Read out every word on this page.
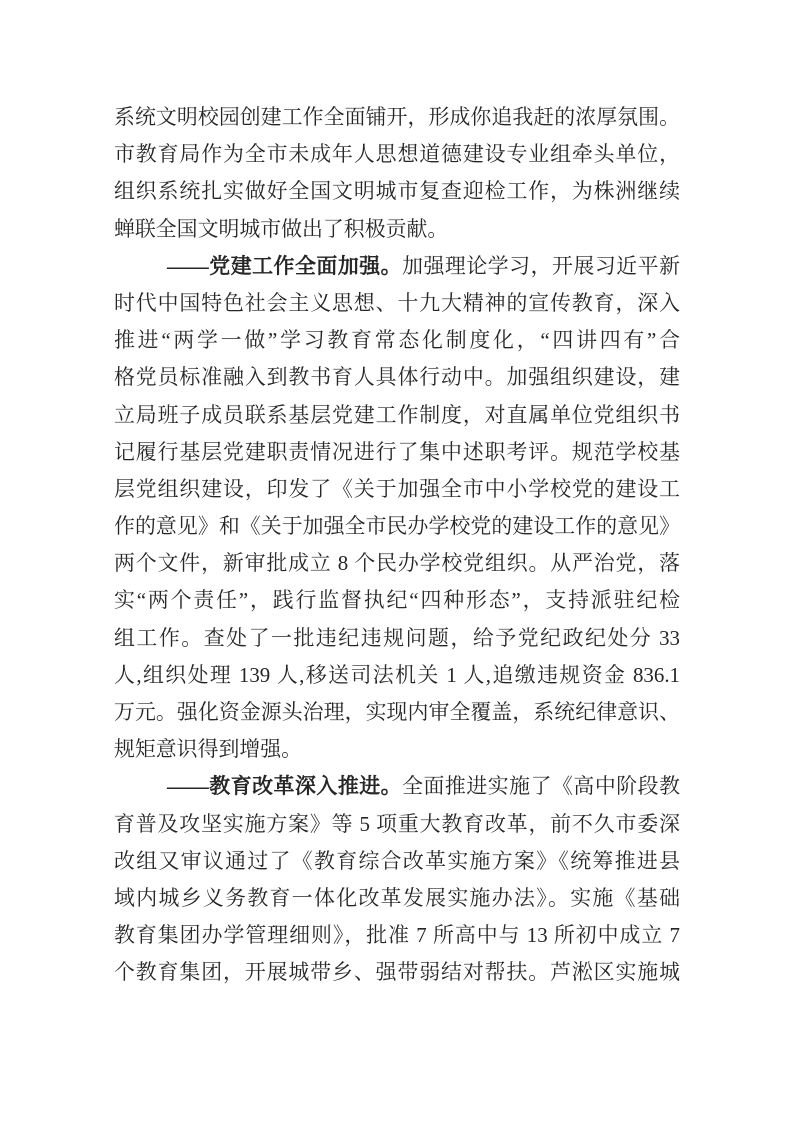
系统文明校园创建工作全面铺开，形成你追我赶的浓厚氛围。
市教育局作为全市未成年人思想道德建设专业组牵头单位，
组织系统扎实做好全国文明城市复查迎检工作，为株洲继续
蝉联全国文明城市做出了积极贡献。
——党建工作全面加强。加强理论学习，开展习近平新
时代中国特色社会主义思想、十九大精神的宣传教育，深入
推进“两学一做”学习教育常态化制度化，“四讲四有”合
格党员标准融入到教书育人具体行动中。加强组织建设，建
立局班子成员联系基层党建工作制度，对直属单位党组织书
记履行基层党建职责情况进行了集中述职考评。规范学校基
层党组织建设，印发了《关于加强全市中小学校党的建设工
作的意见》和《关于加强全市民办学校党的建设工作的意见》
两个文件，新审批成立 8 个民办学校党组织。从严治党，落
实“两个责任”，践行监督执纪“四种形态”，支持派驻纪检
组工作。查处了一批违纪违规问题，给予党纪政纪处分 33
人,组织处理 139 人,移送司法机关 1 人,追缴违规资金 836.1
万元。强化资金源头治理，实现内审全覆盖，系统纪律意识、
规矩意识得到增强。
——教育改革深入推进。全面推进实施了《高中阶段教
育普及攻坚实施方案》等 5 项重大教育改革，前不久市委深
改组又审议通过了《教育综合改革实施方案》《统筹推进县
域内城乡义务教育一体化改革发展实施办法》。实施《基础
教育集团办学管理细则》，批准 7 所高中与 13 所初中成立 7
个教育集团，开展城带乡、强带弱结对帮扶。芦淞区实施城
